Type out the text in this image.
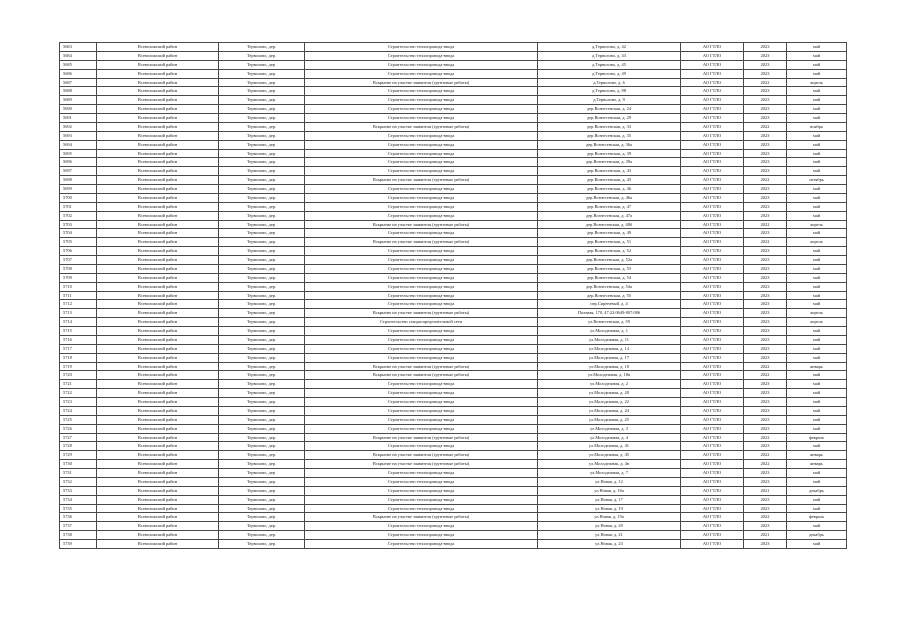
5683	Всеволожский район	Терволово, дер.	Строительство теплопровода-ввода	д.Терволово, д. 42	АО ГТЛО	2023	май
5684	Всеволожский район	Терволово, дер.	Строительство теплопровода-ввода	д.Терволово, д. 43	АО ГТЛО	2023	май
5685	Всеволожский район	Терволово, дер.	Строительство теплопровода-ввода	д.Терволово, д. 45	АО ГТЛО	2023	май
5686	Всеволожский район	Терволово, дер.	Строительство теплопровода-ввода	д.Терволово, д. 49	АО ГТЛО	2023	май
5687	Всеволожский район	Терволово, дер.	Вскрытие на участке заявителя (грунтовые работы)	д.Терволово, д. 6	АО ГТЛО	2022	апрель
5688	Всеволожский район	Терволово, дер.	Строительство теплопровода-ввода	д.Терволово, д. 88	АО ГТЛО	2023	май
5689	Всеволожский район	Терволово, дер.	Строительство теплопровода-ввода	д.Терволово, д. 9	АО ГТЛО	2023	май
5690	Всеволожский район	Терволово, дер.	Строительство теплопровода-ввода	дер.Вознесенская, д. 24	АО ГТЛО	2023	май
5691	Всеволожский район	Терволово, дер.	Строительство теплопровода-ввода	дер.Вознесенская, д. 29	АО ГТЛО	2023	май
5692	Всеволожский район	Терволово, дер.	Вскрытие на участке заявителя (грунтовые работы)	дер.Вознесенская, д. 33	АО ГТЛО	2022	ноябрь
5693	Всеволожский район	Терволово, дер.	Строительство теплопровода-ввода	дер.Вознесенская, д. 35	АО ГТЛО	2023	май
5694	Всеволожский район	Терволово, дер.	Строительство теплопровода-ввода	дер.Вознесенская, д. 36а	АО ГТЛО	2023	май
5695	Всеволожский район	Терволово, дер.	Строительство теплопровода-ввода	дер.Вознесенская, д. 39	АО ГТЛО	2023	май
5696	Всеволожский район	Терволово, дер.	Строительство теплопровода-ввода	дер.Вознесенская, д. 39а	АО ГТЛО	2023	май
5697	Всеволожский район	Терволово, дер.	Строительство теплопровода-ввода	дер.Вознесенская, д. 43	АО ГТЛО	2023	май
5698	Всеволожский район	Терволово, дер.	Вскрытие на участке заявителя (грунтовые работы)	дер.Вознесенская, д. 45	АО ГТЛО	2022	октябрь
5699	Всеволожский район	Терволово, дер.	Строительство теплопровода-ввода	дер.Вознесенская, д. 46	АО ГТЛО	2023	май
5700	Всеволожский район	Терволово, дер.	Строительство теплопровода-ввода	дер.Вознесенская, д. 46а	АО ГТЛО	2023	май
5701	Всеволожский район	Терволово, дер.	Строительство теплопровода-ввода	дер.Вознесенская, д. 47	АО ГТЛО	2023	май
5702	Всеволожский район	Терволово, дер.	Строительство теплопровода-ввода	дер.Вознесенская, д. 47а	АО ГТЛО	2023	май
5703	Всеволожский район	Терволово, дер.	Вскрытие на участке заявителя (грунтовые работы)	дер.Вознесенская, д. 48б	АО ГТЛО	2022	апрель
5704	Всеволожский район	Терволово, дер.	Строительство теплопровода-ввода	дер.Вознесенская, д. 49	АО ГТЛО	2023	май
5705	Всеволожский район	Терволово, дер.	Вскрытие на участке заявителя (грунтовые работы)	дер.Вознесенская, д. 51	АО ГТЛО	2022	апрель
5706	Всеволожский район	Терволово, дер.	Строительство теплопровода-ввода	дер.Вознесенская, д. 52	АО ГТЛО	2023	май
5707	Всеволожский район	Терволово, дер.	Строительство теплопровода-ввода	дер.Вознесенская, д. 52а	АО ГТЛО	2023	май
5708	Всеволожский район	Терволово, дер.	Строительство теплопровода-ввода	дер.Вознесенская, д. 53	АО ГТЛО	2023	май
5709	Всеволожский район	Терволово, дер.	Строительство теплопровода-ввода	дер.Вознесенская, д. 54	АО ГТЛО	2023	май
5710	Всеволожский район	Терволово, дер.	Строительство теплопровода-ввода	дер.Вознесенская, д. 54а	АО ГТЛО	2023	май
5711	Всеволожский район	Терволово, дер.	Строительство теплопровода-ввода	дер.Вознесенская, д. 55	АО ГТЛО	2023	май
5712	Всеволожский район	Терволово, дер.	Строительство теплопровода-ввода	пер.Сиреневый, д. 4	АО ГТЛО	2023	май
5713	Всеволожский район	Терволово, дер.	Вскрытие на участке заявителя (грунтовые работы)	Полевая, 170, 47:22:0649-007:006	АО ГТЛО	2023	апрель
5714	Всеволожский район	Терволово, дер.	Строительство газораспределительной сети	ул.Вознесенская, д. 59	АО ГТЛО	2023	апрель
5715	Всеволожский район	Терволово, дер.	Строительство теплопровода-ввода	ул.Молодежная, д. 1	АО ГТЛО	2023	май
5716	Всеволожский район	Терволово, дер.	Строительство теплопровода-ввода	ул.Молодежная, д. 11	АО ГТЛО	2023	май
5717	Всеволожский район	Терволово, дер.	Строительство теплопровода-ввода	ул.Молодежная, д. 14	АО ГТЛО	2023	май
5718	Всеволожский район	Терволово, дер.	Строительство теплопровода-ввода	ул.Молодежная, д. 17	АО ГТЛО	2023	май
5719	Всеволожский район	Терволово, дер.	Вскрытие на участке заявителя (грунтовые работы)	ул.Молодежная, д. 18	АО ГТЛО	2022	январь
5720	Всеволожский район	Терволово, дер.	Вскрытие на участке заявителя (грунтовые работы)	ул.Молодежная, д. 18в	АО ГТЛО	2022	май
5721	Всеволожский район	Терволово, дер.	Строительство теплопровода-ввода	ул.Молодежная, д. 2	АО ГТЛО	2023	май
5722	Всеволожский район	Терволово, дер.	Строительство теплопровода-ввода	ул.Молодежная, д. 20	АО ГТЛО	2023	май
5723	Всеволожский район	Терволово, дер.	Строительство теплопровода-ввода	ул.Молодежная, д. 22	АО ГТЛО	2023	май
5724	Всеволожский район	Терволово, дер.	Строительство теплопровода-ввода	ул.Молодежная, д. 24	АО ГТЛО	2023	май
5725	Всеволожский район	Терволово, дер.	Строительство теплопровода-ввода	ул.Молодежная, д. 25	АО ГТЛО	2023	май
5726	Всеволожский район	Терволово, дер.	Строительство теплопровода-ввода	ул.Молодежная, д. 3	АО ГТЛО	2023	май
5727	Всеволожский район	Терволово, дер.	Вскрытие на участке заявителя (грунтовые работы)	ул.Молодежная, д. 4	АО ГТЛО	2022	февраль
5728	Всеволожский район	Терволово, дер.	Строительство теплопровода-ввода	ул.Молодежная, д. 41	АО ГТЛО	2023	май
5729	Всеволожский район	Терволово, дер.	Вскрытие на участке заявителя (грунтовые работы)	ул.Молодежная, д. 45	АО ГТЛО	2022	январь
5730	Всеволожский район	Терволово, дер.	Вскрытие на участке заявителя (грунтовые работы)	ул.Молодежная, д. 4в	АО ГТЛО	2022	январь
5731	Всеволожский район	Терволово, дер.	Строительство теплопровода-ввода	ул.Молодежная, д. 7	АО ГТЛО	2023	май
5732	Всеволожский район	Терволово, дер.	Строительство теплопровода-ввода	ул.Новая, д. 12	АО ГТЛО	2023	май
5733	Всеволожский район	Терволово, дер.	Строительство теплопровода-ввода	ул.Новая, д. 16а	АО ГТЛО	2021	декабрь
5734	Всеволожский район	Терволово, дер.	Строительство теплопровода-ввода	ул.Новая, д. 17	АО ГТЛО	2023	май
5735	Всеволожский район	Терволово, дер.	Строительство теплопровода-ввода	ул.Новая, д. 19	АО ГТЛО	2023	май
5736	Всеволожский район	Терволово, дер.	Вскрытие на участке заявителя (грунтовые работы)	ул.Новая, д. 19а	АО ГТЛО	2022	февраль
5737	Всеволожский район	Терволово, дер.	Строительство теплопровода-ввода	ул.Новая, д. 20	АО ГТЛО	2023	май
5738	Всеволожский район	Терволово, дер.	Строительство теплопровода-ввода	ул.Новая, д. 21	АО ГТЛО	2021	декабрь
5739	Всеволожский район	Терволово, дер.	Строительство теплопровода-ввода	ул.Новая, д. 23	АО ГТЛО	2023	май
